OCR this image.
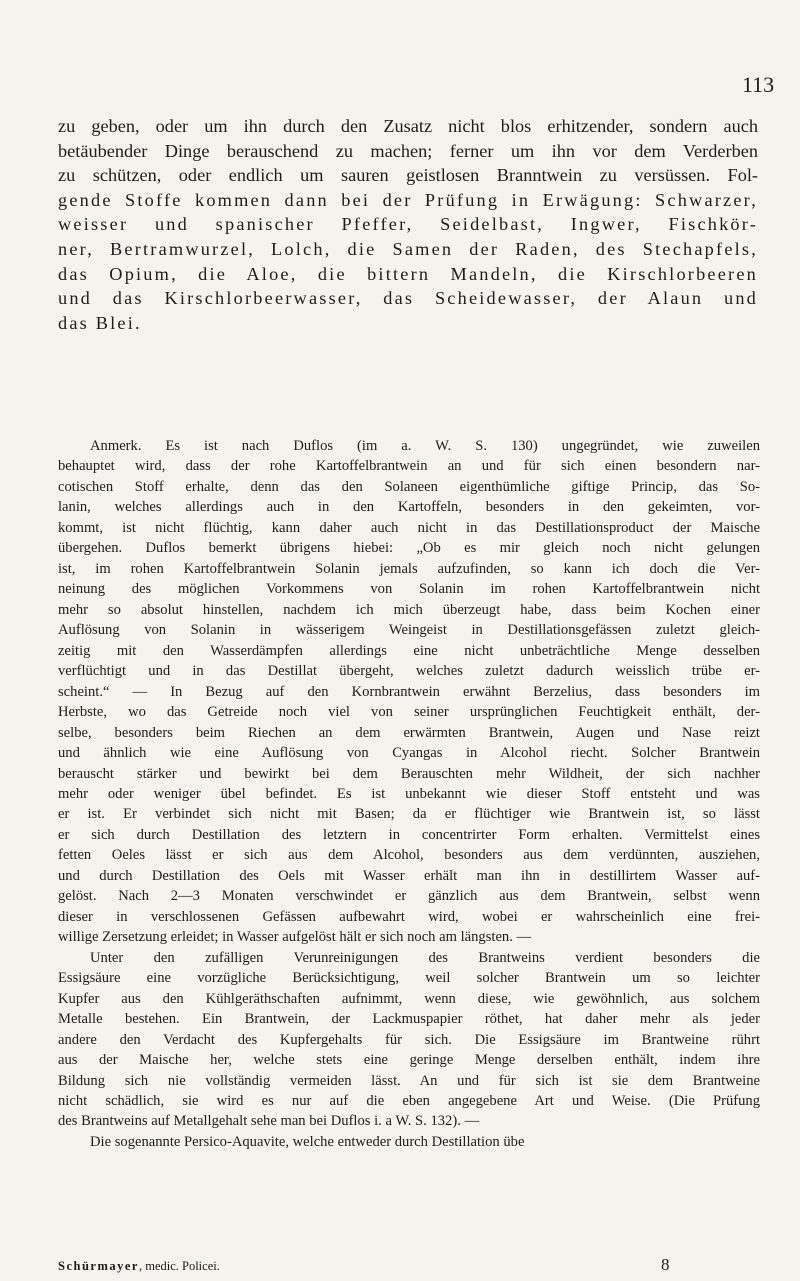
113
zu geben, oder um ihn durch den Zusatz nicht blos erhitzender, sondern auch
betäubender Dinge berauschend zu machen; ferner um ihn vor dem Verderben
zu schützen, oder endlich um sauren geistlosen Branntwein zu versüssen. Fol-
gende Stoffe kommen dann bei der Prüfung in Erwägung: Schwarzer,
weisser und spanischer Pfeffer, Seidelbast, Ingwer, Fischkör-
ner, Bertramwurzel, Lolch, die Samen der Raden, des Stechapfels,
das Opium, die Aloe, die bittern Mandeln, die Kirschlorbeeren
und das Kirschlorbeerwasser, das Scheidewasser, der Alaun und
das Blei.
Anmerk. Es ist nach Duflos (im a. W. S. 130) ungegründet, wie zuweilen
behauptet wird, dass der rohe Kartoffelbrantwein an und für sich einen besondern nar-
cotischen Stoff erhalte, denn das den Solaneen eigenthümliche giftige Princip, das So-
lanin, welches allerdings auch in den Kartoffeln, besonders in den gekeimten, vor-
kommt, ist nicht flüchtig, kann daher auch nicht in das Destillationsproduct der Maische
übergehen. Duflos bemerkt übrigens hiebei: „Ob es mir gleich noch nicht gelungen
ist, im rohen Kartoffelbrantwein Solanin jemals aufzufinden, so kann ich doch die Ver-
neinung des möglichen Vorkommens von Solanin im rohen Kartoffelbrantwein nicht
mehr so absolut hinstellen, nachdem ich mich überzeugt habe, dass beim Kochen einer
Auflösung von Solanin in wässerigem Weingeist in Destillationsgefässen zuletzt gleich-
zeitig mit den Wasserdämpfen allerdings eine nicht unbeträchtliche Menge desselben
verflüchtigt und in das Destillat übergeht, welches zuletzt dadurch weisslich trübe er-
scheint.“ — In Bezug auf den Kornbrantwein erwähnt Berzelius, dass besonders im
Herbste, wo das Getreide noch viel von seiner ursprünglichen Feuchtigkeit enthält, der-
selbe, besonders beim Riechen an dem erwärmten Brantwein, Augen und Nase reizt
und ähnlich wie eine Auflösung von Cyangas in Alcohol riecht. Solcher Brantwein
berauscht stärker und bewirkt bei dem Berauschten mehr Wildheit, der sich nachher
mehr oder weniger übel befindet. Es ist unbekannt wie dieser Stoff entsteht und was
er ist. Er verbindet sich nicht mit Basen; da er flüchtiger wie Brantwein ist, so lässt
er sich durch Destillation des letztern in concentrirter Form erhalten. Vermittelst eines
fetten Oeles lässt er sich aus dem Alcohol, besonders aus dem verdünnten, ausziehen,
und durch Destillation des Oels mit Wasser erhält man ihn in destillirtem Wasser auf-
gelöst. Nach 2—3 Monaten verschwindet er gänzlich aus dem Brantwein, selbst wenn
dieser in verschlossenen Gefässen aufbewahrt wird, wobei er wahrscheinlich eine frei-
willige Zersetzung erleidet; in Wasser aufgelöst hält er sich noch am längsten. —
Unter den zufälligen Verunreinigungen des Brantweins verdient besonders die
Essigsäure eine vorzügliche Berücksichtigung, weil solcher Brantwein um so leichter
Kupfer aus den Kühlgeräthschaften aufnimmt, wenn diese, wie gewöhnlich, aus solchem
Metalle bestehen. Ein Brantwein, der Lackmuspapier röthet, hat daher mehr als jeder
andere den Verdacht des Kupfergehalts für sich. Die Essigsäure im Brantweine rührt
aus der Maische her, welche stets eine geringe Menge derselben enthält, indem ihre
Bildung sich nie vollständig vermeiden lässt. An und für sich ist sie dem Brantweine
nicht schädlich, sie wird es nur auf die eben angegebene Art und Weise. (Die Prüfung
des Brantweins auf Metallgehalt sehe man bei Duflos i. a W. S. 132). —
Die sogenannte Persico-Aquavite, welche entweder durch Destillation übe
Schürmayer, medic. Policei.	8
